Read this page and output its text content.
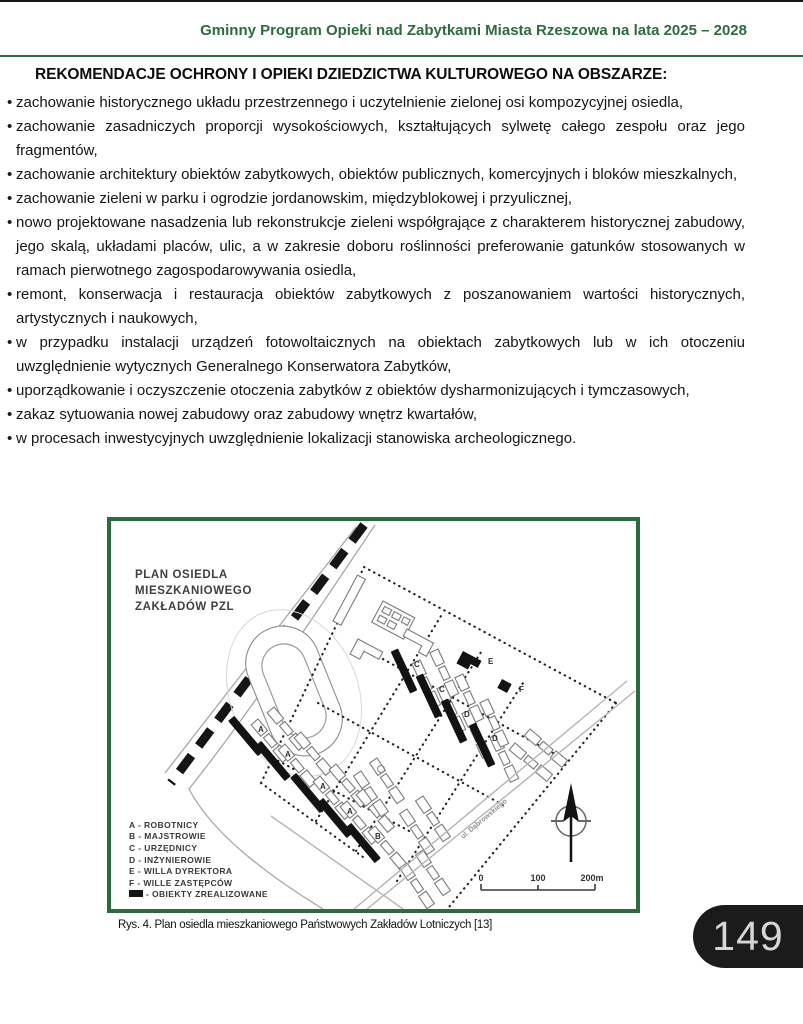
Gminny Program Opieki nad Zabytkami Miasta Rzeszowa na lata 2025 – 2028
REKOMENDACJE OCHRONY I OPIEKI DZIEDZICTWA KULTUROWEGO NA OBSZARZE:
• zachowanie historycznego układu przestrzennego i uczytelnienie zielonej osi kompozycyjnej osiedla,
• zachowanie zasadniczych proporcji wysokościowych, kształtujących sylwetę całego zespołu oraz jego fragmentów,
• zachowanie architektury obiektów zabytkowych, obiektów publicznych, komercyjnych i bloków mieszkalnych,
• zachowanie zieleni w parku i ogrodzie jordanowskim, międzyblokowej i przyulicznej,
• nowo projektowane nasadzenia lub rekonstrukcje zieleni współgrające z charakterem historycznej zabudowy, jego skalą, układami placów, ulic, a w zakresie doboru roślinności preferowanie gatunków stosowanych w ramach pierwotnego zagospodarowywania osiedla,
• remont, konserwacja i restauracja obiektów zabytkowych z poszanowaniem wartości historycznych, artystycznych i naukowych,
• w przypadku instalacji urządzeń fotowoltaicznych na obiektach zabytkowych lub w ich otoczeniu uwzględnienie wytycznych Generalnego Konserwatora Zabytków,
• uporządkowanie i oczyszczenie otoczenia zabytków z obiektów dysharmonizujących i tymczasowych,
• zakaz sytuowania nowej zabudowy oraz zabudowy wnętrz kwartałów,
• w procesach inwestycyjnych uwzględnienie lokalizacji stanowiska archeologicznego.
A
A
A
A
B
C
C
D
D
E
F
ul. Dąbrowskiego
PLAN OSIEDLA
MIESZKANIOWEGO
ZAKŁADÓW PZL
0	100	200m
A - ROBOTNICY
B - MAJSTROWIE
C - URZĘDNICY
D - INŻYNIEROWIE
E - WILLA DYREKTORA
F - WILLE ZASTĘPCÓW
- OBIEKTY ZREALIZOWANE
Rys. 4. Plan osiedla mieszkaniowego Państwowych Zakładów Lotniczych [13]	149
